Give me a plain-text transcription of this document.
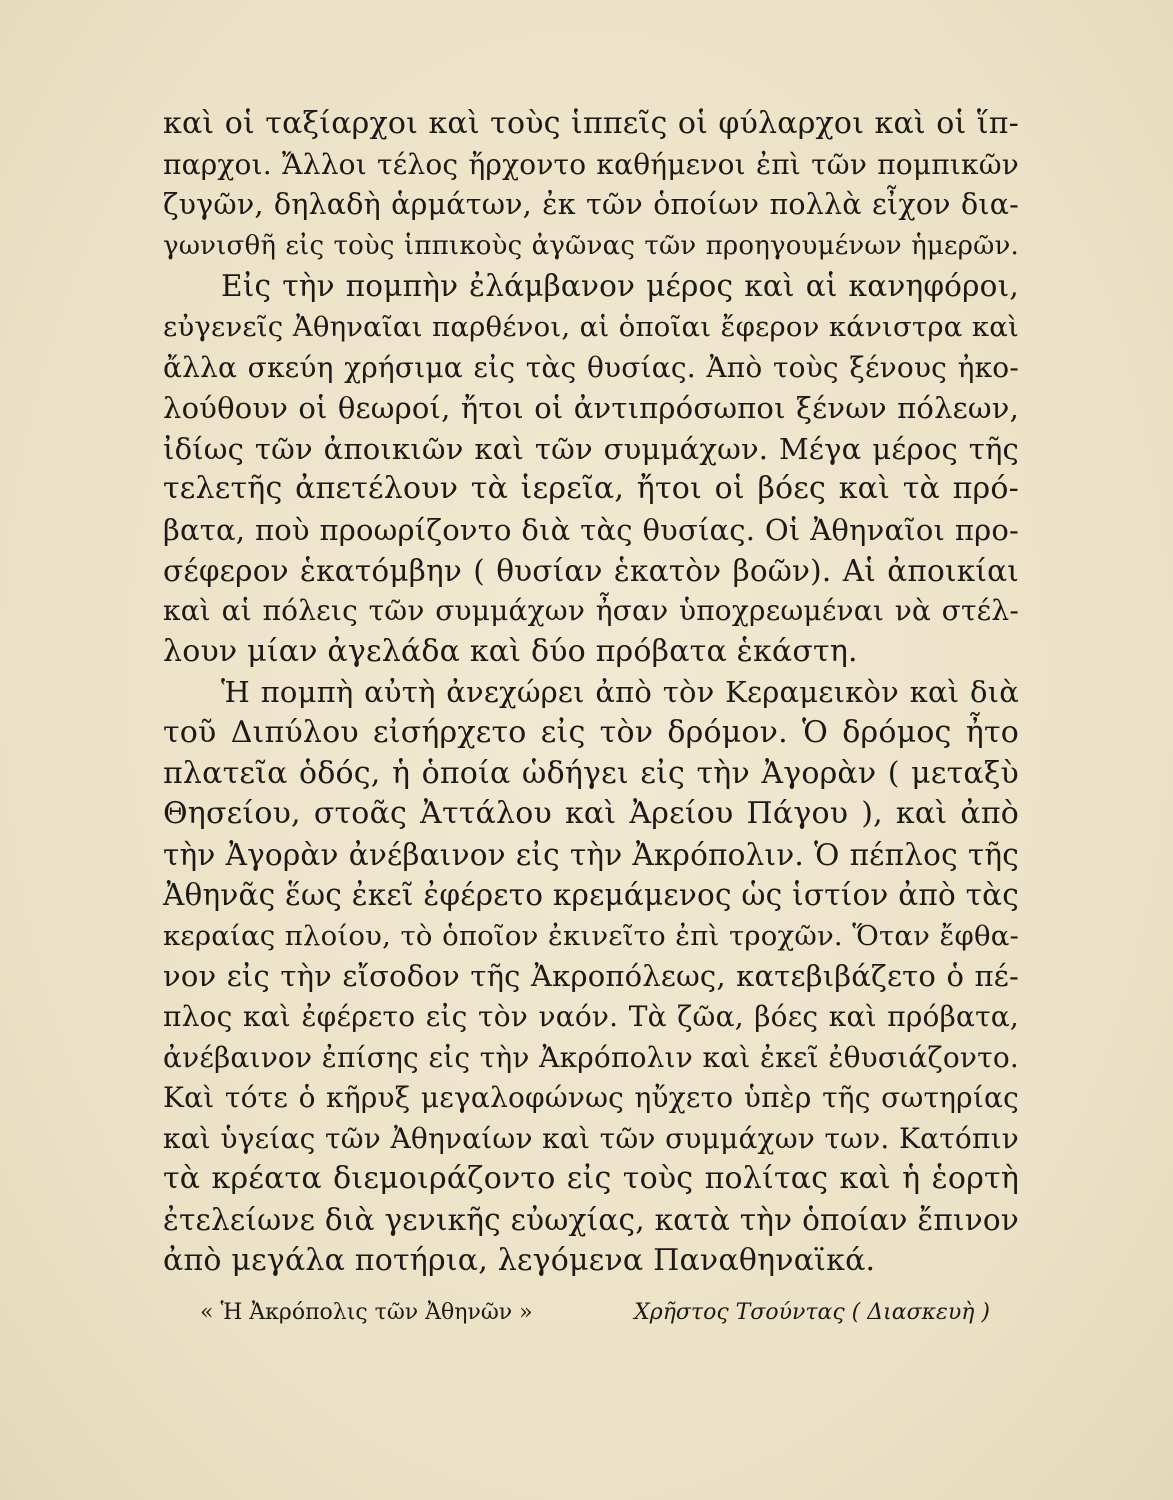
καὶ οἱ ταξίαρχοι καὶ τοὺς ἱππεῖς οἱ φύλαρχοι καὶ οἱ ἵπ-
παρχοι. Ἄλλοι τέλος ἤρχοντο καθήμενοι ἐπὶ τῶν πομπικῶν
ζυγῶν, δηλαδὴ ἁρμάτων, ἐκ τῶν ὁποίων πολλὰ εἶχον δια-
γωνισθῆ εἰς τοὺς ἱππικοὺς ἀγῶνας τῶν προηγουμένων ἡμερῶν.
Εἰς τὴν πομπὴν ἐλάμβανον μέρος καὶ αἱ κανηφόροι,
εὐγενεῖς Ἀθηναῖαι παρθένοι, αἱ ὁποῖαι ἔφερον κάνιστρα καὶ
ἄλλα σκεύη χρήσιμα εἰς τὰς θυσίας. Ἀπὸ τοὺς ξένους ἠκο-
λούθουν οἱ θεωροί, ἤτοι οἱ ἀντιπρόσωποι ξένων πόλεων,
ἰδίως τῶν ἀποικιῶν καὶ τῶν συμμάχων. Μέγα μέρος τῆς
τελετῆς ἀπετέλουν τὰ ἱερεῖα, ἤτοι οἱ βόες καὶ τὰ πρό-
βατα, ποὺ προωρίζοντο διὰ τὰς θυσίας. Οἱ Ἀθηναῖοι προ-
σέφερον ἑκατόμβην ( θυσίαν ἑκατὸν βοῶν). Αἱ ἀποικίαι
καὶ αἱ πόλεις τῶν συμμάχων ἦσαν ὑποχρεωμέναι νὰ στέλ-
λουν μίαν ἀγελάδα καὶ δύο πρόβατα ἑκάστη.
Ἡ πομπὴ αὐτὴ ἀνεχώρει ἀπὸ τὸν Κεραμεικὸν καὶ διὰ
τοῦ Διπύλου εἰσήρχετο εἰς τὸν δρόμον. Ὁ δρόμος ἦτο
πλατεῖα ὁδός, ἡ ὁποία ὡδήγει εἰς τὴν Ἀγορὰν ( μεταξὺ
Θησείου, στοᾶς Ἀττάλου καὶ Ἀρείου Πάγου ), καὶ ἀπὸ
τὴν Ἀγορὰν ἀνέβαινον εἰς τὴν Ἀκρόπολιν. Ὁ πέπλος τῆς
Ἀθηνᾶς ἕως ἐκεῖ ἐφέρετο κρεμάμενος ὡς ἱστίον ἀπὸ τὰς
κεραίας πλοίου, τὸ ὁποῖον ἐκινεῖτο ἐπὶ τροχῶν. Ὅταν ἔφθα-
νον εἰς τὴν εἴσοδον τῆς Ἀκροπόλεως, κατεβιβάζετο ὁ πέ-
πλος καὶ ἐφέρετο εἰς τὸν ναόν. Τὰ ζῶα, βόες καὶ πρόβατα,
ἀνέβαινον ἐπίσης εἰς τὴν Ἀκρόπολιν καὶ ἐκεῖ ἐθυσιάζοντο.
Καὶ τότε ὁ κῆρυξ μεγαλοφώνως ηὔχετο ὑπὲρ τῆς σωτηρίας
καὶ ὑγείας τῶν Ἀθηναίων καὶ τῶν συμμάχων των. Κατόπιν
τὰ κρέατα διεμοιράζοντο εἰς τοὺς πολίτας καὶ ἡ ἑορτὴ
ἐτελείωνε διὰ γενικῆς εὐωχίας, κατὰ τὴν ὁποίαν ἔπινον
ἀπὸ μεγάλα ποτήρια, λεγόμενα Παναθηναϊκά.
« Ἡ Ἀκρόπολις τῶν Ἀθηνῶν »	Χρῆστος Τσούντας ( Διασκευὴ )
